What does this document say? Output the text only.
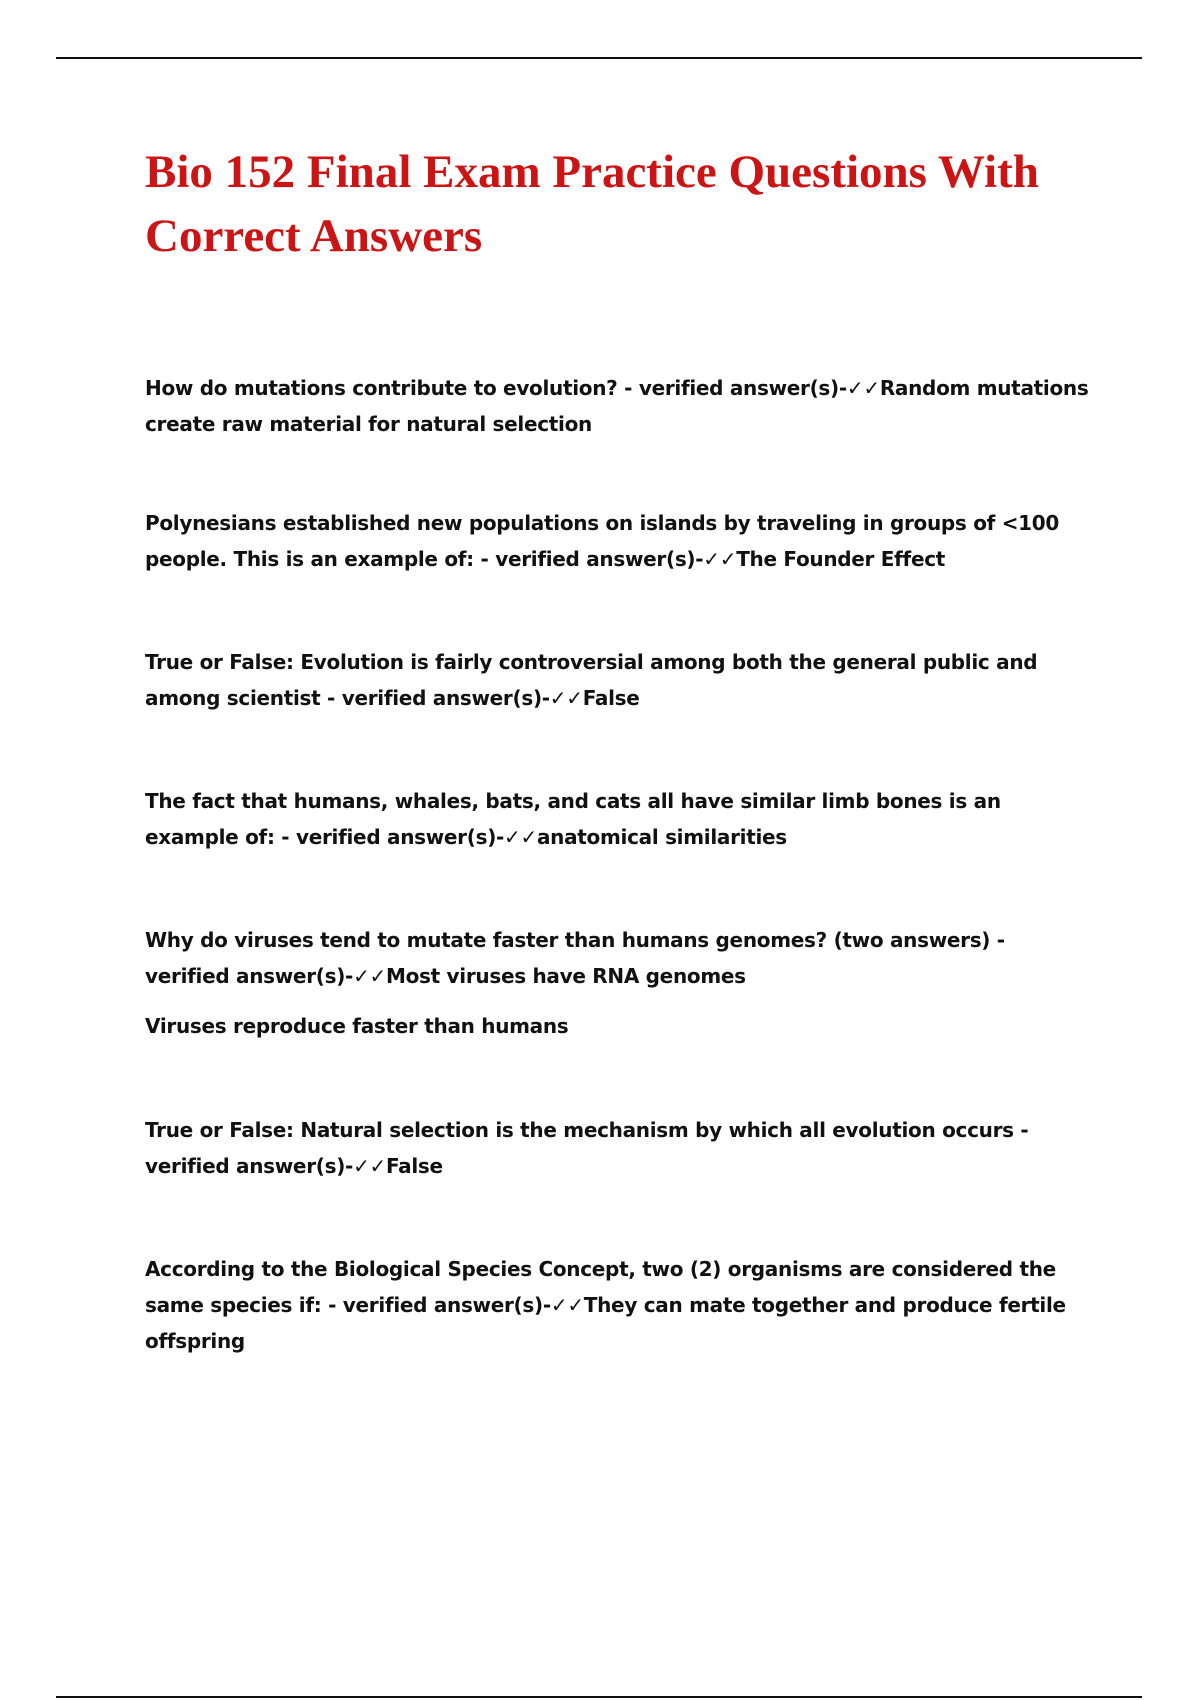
Bio 152 Final Exam Practice Questions With Correct Answers
How do mutations contribute to evolution? - verified answer(s)-✓✓Random mutations create raw material for natural selection
Polynesians established new populations on islands by traveling in groups of <100 people. This is an example of: - verified answer(s)-✓✓The Founder Effect
True or False: Evolution is fairly controversial among both the general public and among scientist - verified answer(s)-✓✓False
The fact that humans, whales, bats, and cats all have similar limb bones is an example of: - verified answer(s)-✓✓anatomical similarities
Why do viruses tend to mutate faster than humans genomes? (two answers) - verified answer(s)-✓✓Most viruses have RNA genomes
Viruses reproduce faster than humans
True or False: Natural selection is the mechanism by which all evolution occurs - verified answer(s)-✓✓False
According to the Biological Species Concept, two (2) organisms are considered the same species if: - verified answer(s)-✓✓They can mate together and produce fertile offspring
